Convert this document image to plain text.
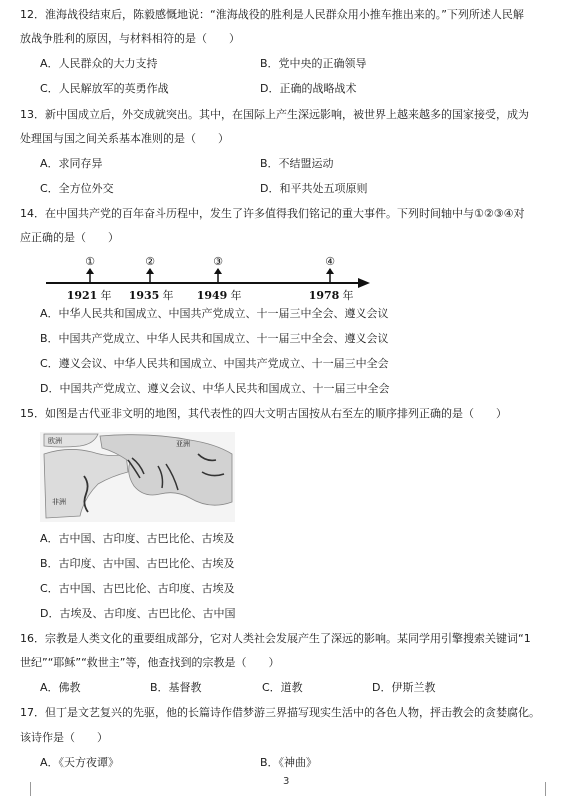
12．淮海战役结束后，陈毅感慨地说：“淮海战役的胜利是人民群众用小推车推出来的。”下列所述人民解
放战争胜利的原因，与材料相符的是（　　）
A．人民群众的大力支持	B．党中央的正确领导
C．人民解放军的英勇作战	D．正确的战略战术
13．新中国成立后，外交成就突出。其中，在国际上产生深远影响，被世界上越来越多的国家接受，成为
处理国与国之间关系基本准则的是（　　）
A．求同存异	B．不结盟运动
C．全方位外交	D．和平共处五项原则
14．在中国共产党的百年奋斗历程中，发生了许多值得我们铭记的重大事件。下列时间轴中与①②③④对
应正确的是（　　）
①
1921 年
②
1935 年
③
1949 年
④
1978 年
A．中华人民共和国成立、中国共产党成立、十一届三中全会、遵义会议
B．中国共产党成立、中华人民共和国成立、十一届三中全会、遵义会议
C．遵义会议、中华人民共和国成立、中国共产党成立、十一届三中全会
D．中国共产党成立、遵义会议、中华人民共和国成立、十一届三中全会
15．如图是古代亚非文明的地图，其代表性的四大文明古国按从右至左的顺序排列正确的是（　　）
欧洲
非洲
亚洲
A．古中国、古印度、古巴比伦、古埃及
B．古印度、古中国、古巴比伦、古埃及
C．古中国、古巴比伦、古印度、古埃及
D．古埃及、古印度、古巴比伦、古中国
16．宗教是人类文化的重要组成部分，它对人类社会发展产生了深远的影响。某同学用引擎搜索关键词“1
世纪”“耶稣”“救世主”等，他查找到的宗教是（　　）
A．佛教	B．基督教	C．道教	D．伊斯兰教
17．但丁是文艺复兴的先驱，他的长篇诗作借梦游三界描写现实生活中的各色人物，抨击教会的贪婪腐化。
该诗作是（　　）
A．《天方夜谭》	B．《神曲》
3
